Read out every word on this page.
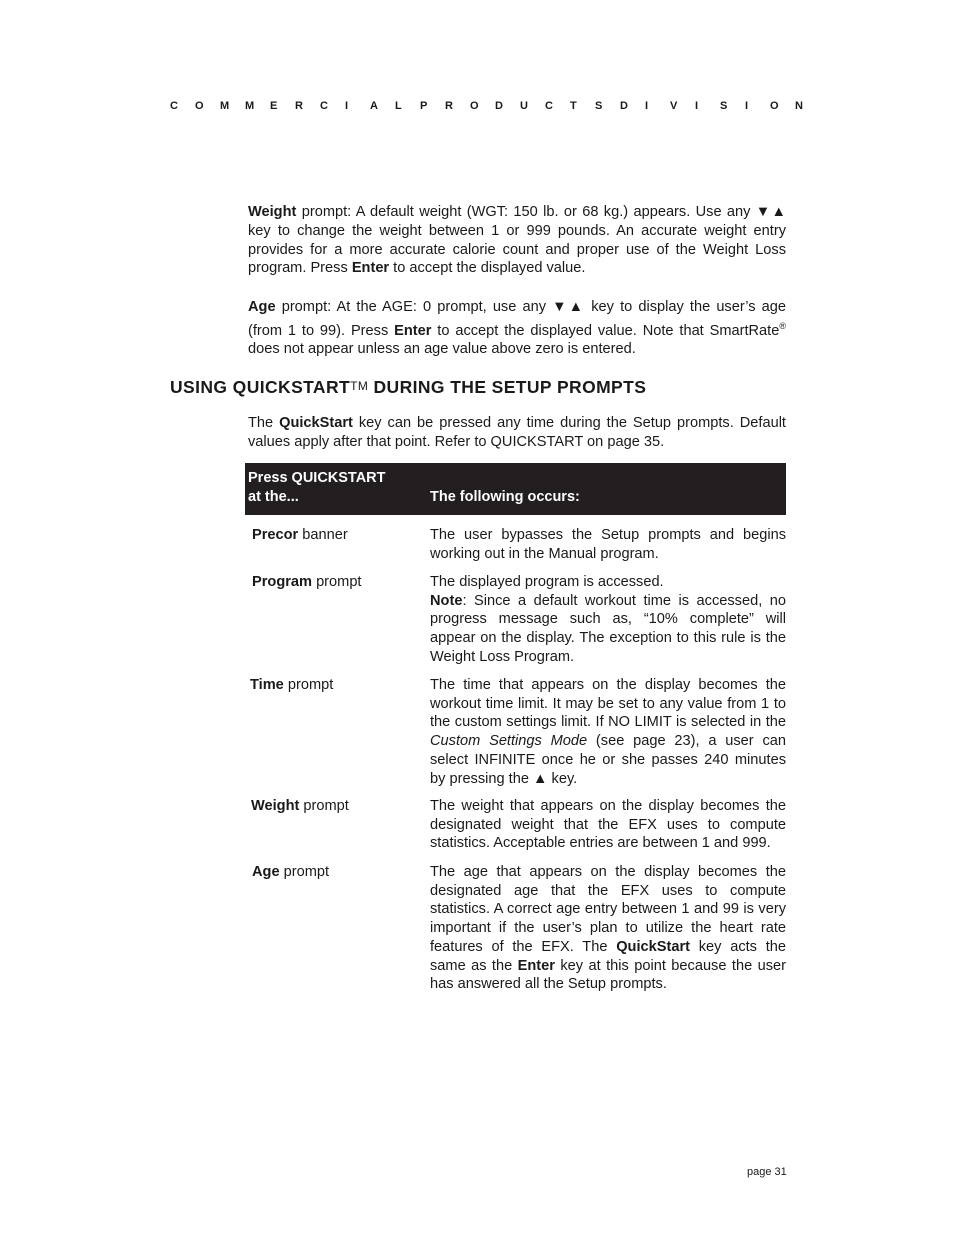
C	O	M	M	E	R	C	I	A	L	P	R	O	D	U	C	T	S	D	I	V	I	S	I	O	N
Weight prompt: A default weight (WGT: 150 lb. or 68 kg.) appears. Use any ▼▲ key to change the weight between 1 or 999 pounds. An accurate weight entry provides for a more accurate calorie count and proper use of the Weight Loss program. Press Enter to accept the displayed value.
Age prompt: At the AGE: 0 prompt, use any ▼▲ key to display the user’s age (from 1 to 99). Press Enter to accept the displayed value. Note that SmartRate® does not appear unless an age value above zero is entered.
USING QUICKSTARTTM DURING THE SETUP PROMPTS
The QuickStart key can be pressed any time during the Setup prompts. Default values apply after that point. Refer to QUICKSTART on page 35.
Press QUICKSTART
at the...	The following occurs:
Precor banner	The user bypasses the Setup prompts and begins working out in the Manual program.
Program prompt	The displayed program is accessed.
Note: Since a default workout time is accessed, no progress message such as, “10% complete” will appear on the display. The exception to this rule is the Weight Loss Program.
Time prompt	The time that appears on the display becomes the workout time limit. It may be set to any value from 1 to the custom settings limit. If NO LIMIT is selected in the Custom Settings Mode (see page 23), a user can select INFINITE once he or she passes 240 minutes by pressing the ▲ key.
Weight prompt	The weight that appears on the display becomes the designated weight that the EFX uses to compute statistics. Acceptable entries are between 1 and 999.
Age prompt	The age that appears on the display becomes the designated age that the EFX uses to compute statistics. A correct age entry between 1 and 99 is very important if the user’s plan to utilize the heart rate features of the EFX. The QuickStart key acts the same as the Enter key at this point because the user has answered all the Setup prompts.
page 31
